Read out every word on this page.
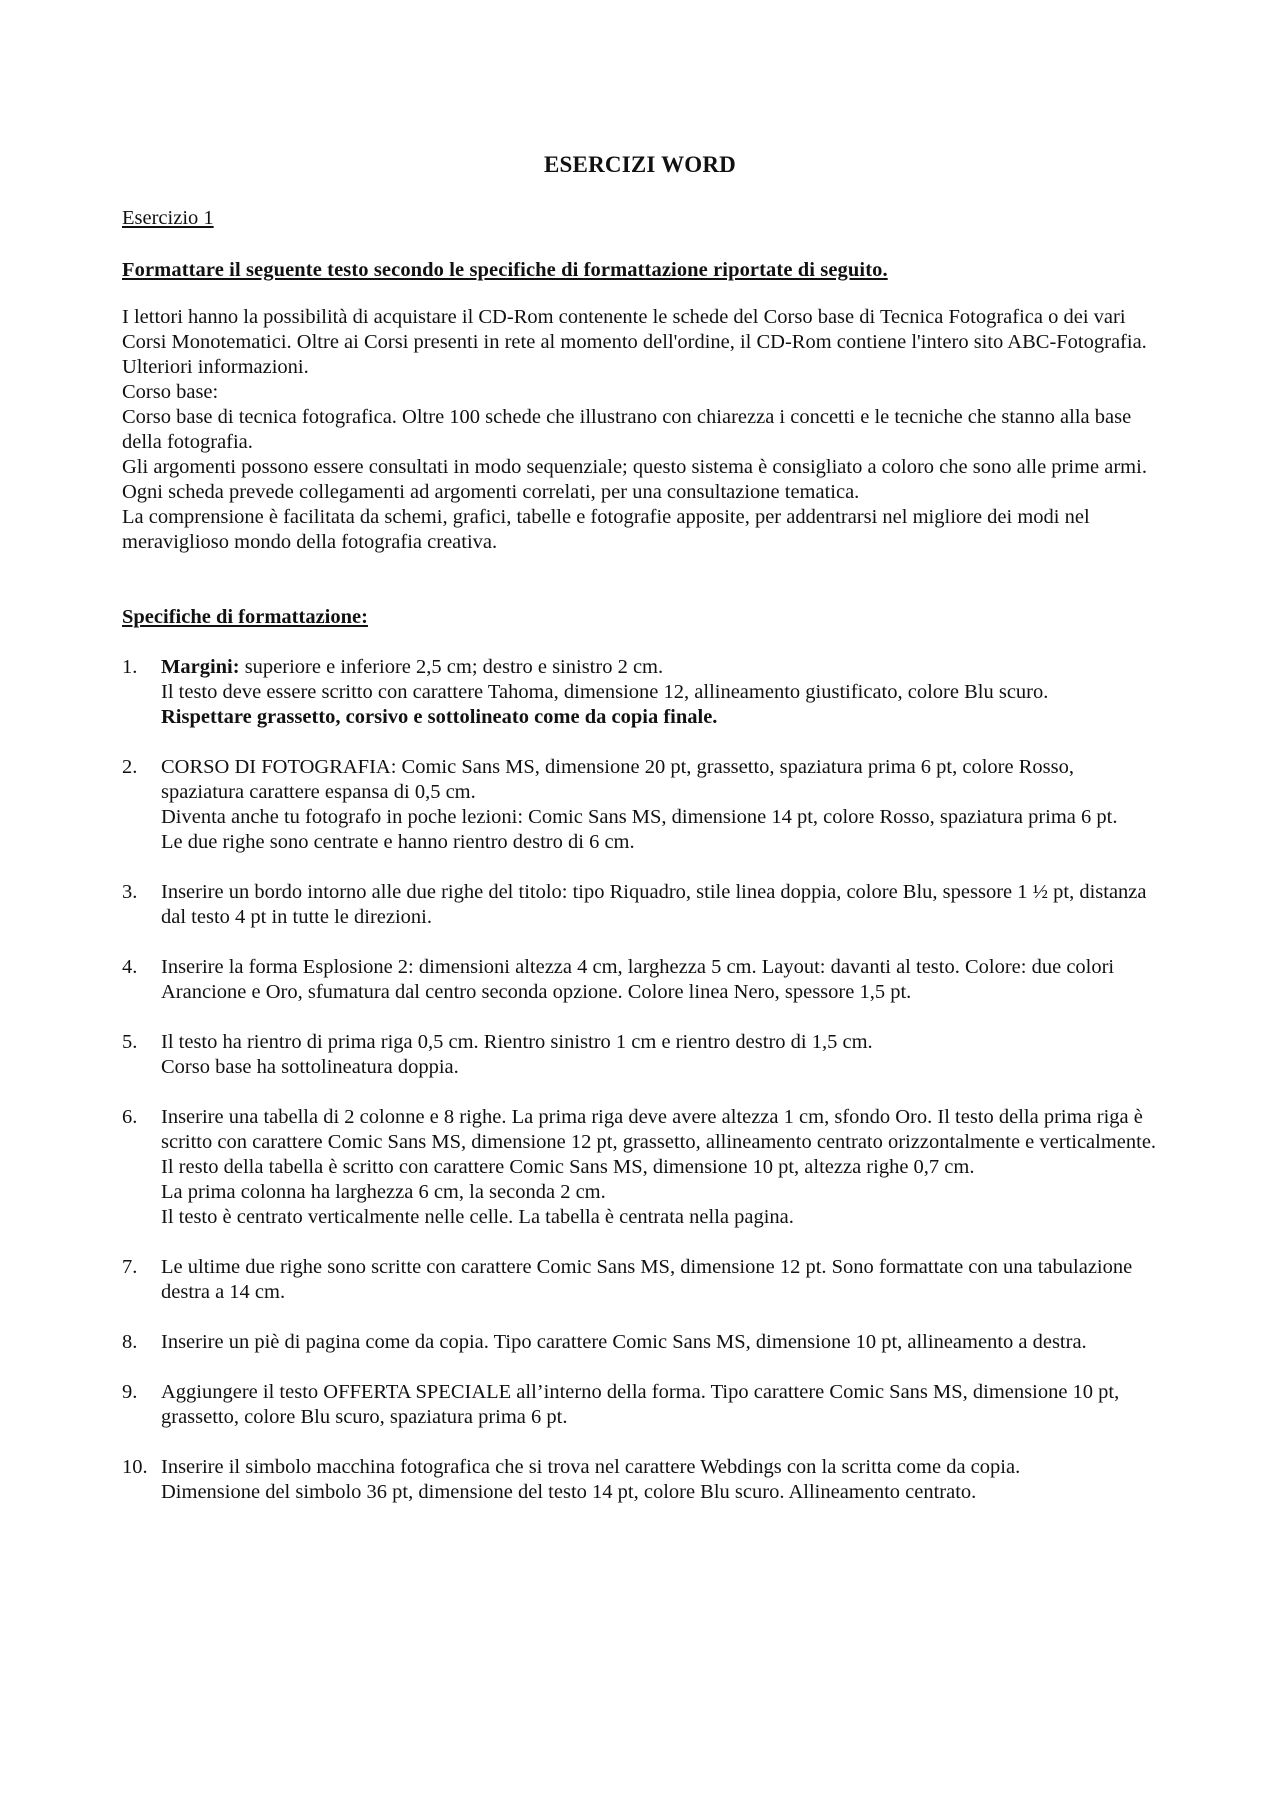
ESERCIZI WORD
Esercizio 1
Formattare il seguente testo secondo le specifiche di formattazione riportate di seguito.

I lettori hanno la possibilità di acquistare il CD-Rom contenente le schede del Corso base di Tecnica Fotografica o dei vari Corsi Monotematici. Oltre ai Corsi presenti in rete al momento dell'ordine, il CD-Rom contiene l'intero sito ABC-Fotografia. Ulteriori informazioni.

Corso base:

Corso base di tecnica fotografica. Oltre 100 schede che illustrano con chiarezza i concetti e le tecniche che stanno alla base della fotografia.

Gli argomenti possono essere consultati in modo sequenziale; questo sistema è consigliato a coloro che sono alle prime armi. Ogni scheda prevede collegamenti ad argomenti correlati, per una consultazione tematica.

La comprensione è facilitata da schemi, grafici, tabelle e fotografie apposite, per addentrarsi nel migliore dei modi nel meraviglioso mondo della fotografia creativa.

Specifiche di formattazione:
1. Margini: superiore e inferiore 2,5 cm; destro e sinistro 2 cm.

Il testo deve essere scritto con carattere Tahoma, dimensione 12, allineamento giustificato, colore Blu scuro.

Rispettare grassetto, corsivo e sottolineato come da copia finale.

2. CORSO DI FOTOGRAFIA: Comic Sans MS, dimensione 20 pt, grassetto, spaziatura prima 6 pt, colore Rosso, spaziatura carattere espansa di 0,5 cm.

Diventa anche tu fotografo in poche lezioni: Comic Sans MS, dimensione 14 pt, colore Rosso, spaziatura prima 6 pt.

Le due righe sono centrate e hanno rientro destro di 6 cm.

3. Inserire un bordo intorno alle due righe del titolo: tipo Riquadro, stile linea doppia, colore Blu, spessore 1 ½ pt, distanza dal testo 4 pt in tutte le direzioni.

4. Inserire la forma Esplosione 2: dimensioni altezza 4 cm, larghezza 5 cm. Layout: davanti al testo. Colore: due colori Arancione e Oro, sfumatura dal centro seconda opzione. Colore linea Nero, spessore 1,5 pt.

5. Il testo ha rientro di prima riga 0,5 cm. Rientro sinistro 1 cm e rientro destro di 1,5 cm.

Corso base ha sottolineatura doppia.

6. Inserire una tabella di 2 colonne e 8 righe. La prima riga deve avere altezza 1 cm, sfondo Oro. Il testo della prima riga è scritto con carattere Comic Sans MS, dimensione 12 pt, grassetto, allineamento centrato orizzontalmente e verticalmente.

Il resto della tabella è scritto con carattere Comic Sans MS, dimensione 10 pt, altezza righe 0,7 cm.

La prima colonna ha larghezza 6 cm, la seconda 2 cm.

Il testo è centrato verticalmente nelle celle. La tabella è centrata nella pagina.

7. Le ultime due righe sono scritte con carattere Comic Sans MS, dimensione 12 pt. Sono formattate con una tabulazione destra a 14 cm.

8. Inserire un piè di pagina come da copia. Tipo carattere Comic Sans MS, dimensione 10 pt, allineamento a destra.

9. Aggiungere il testo OFFERTA SPECIALE all’interno della forma. Tipo carattere Comic Sans MS, dimensione 10 pt, grassetto, colore Blu scuro, spaziatura prima 6 pt.

10. Inserire il simbolo macchina fotografica che si trova nel carattere Webdings con la scritta come da copia.

Dimensione del simbolo 36 pt, dimensione del testo 14 pt, colore Blu scuro. Allineamento centrato.
